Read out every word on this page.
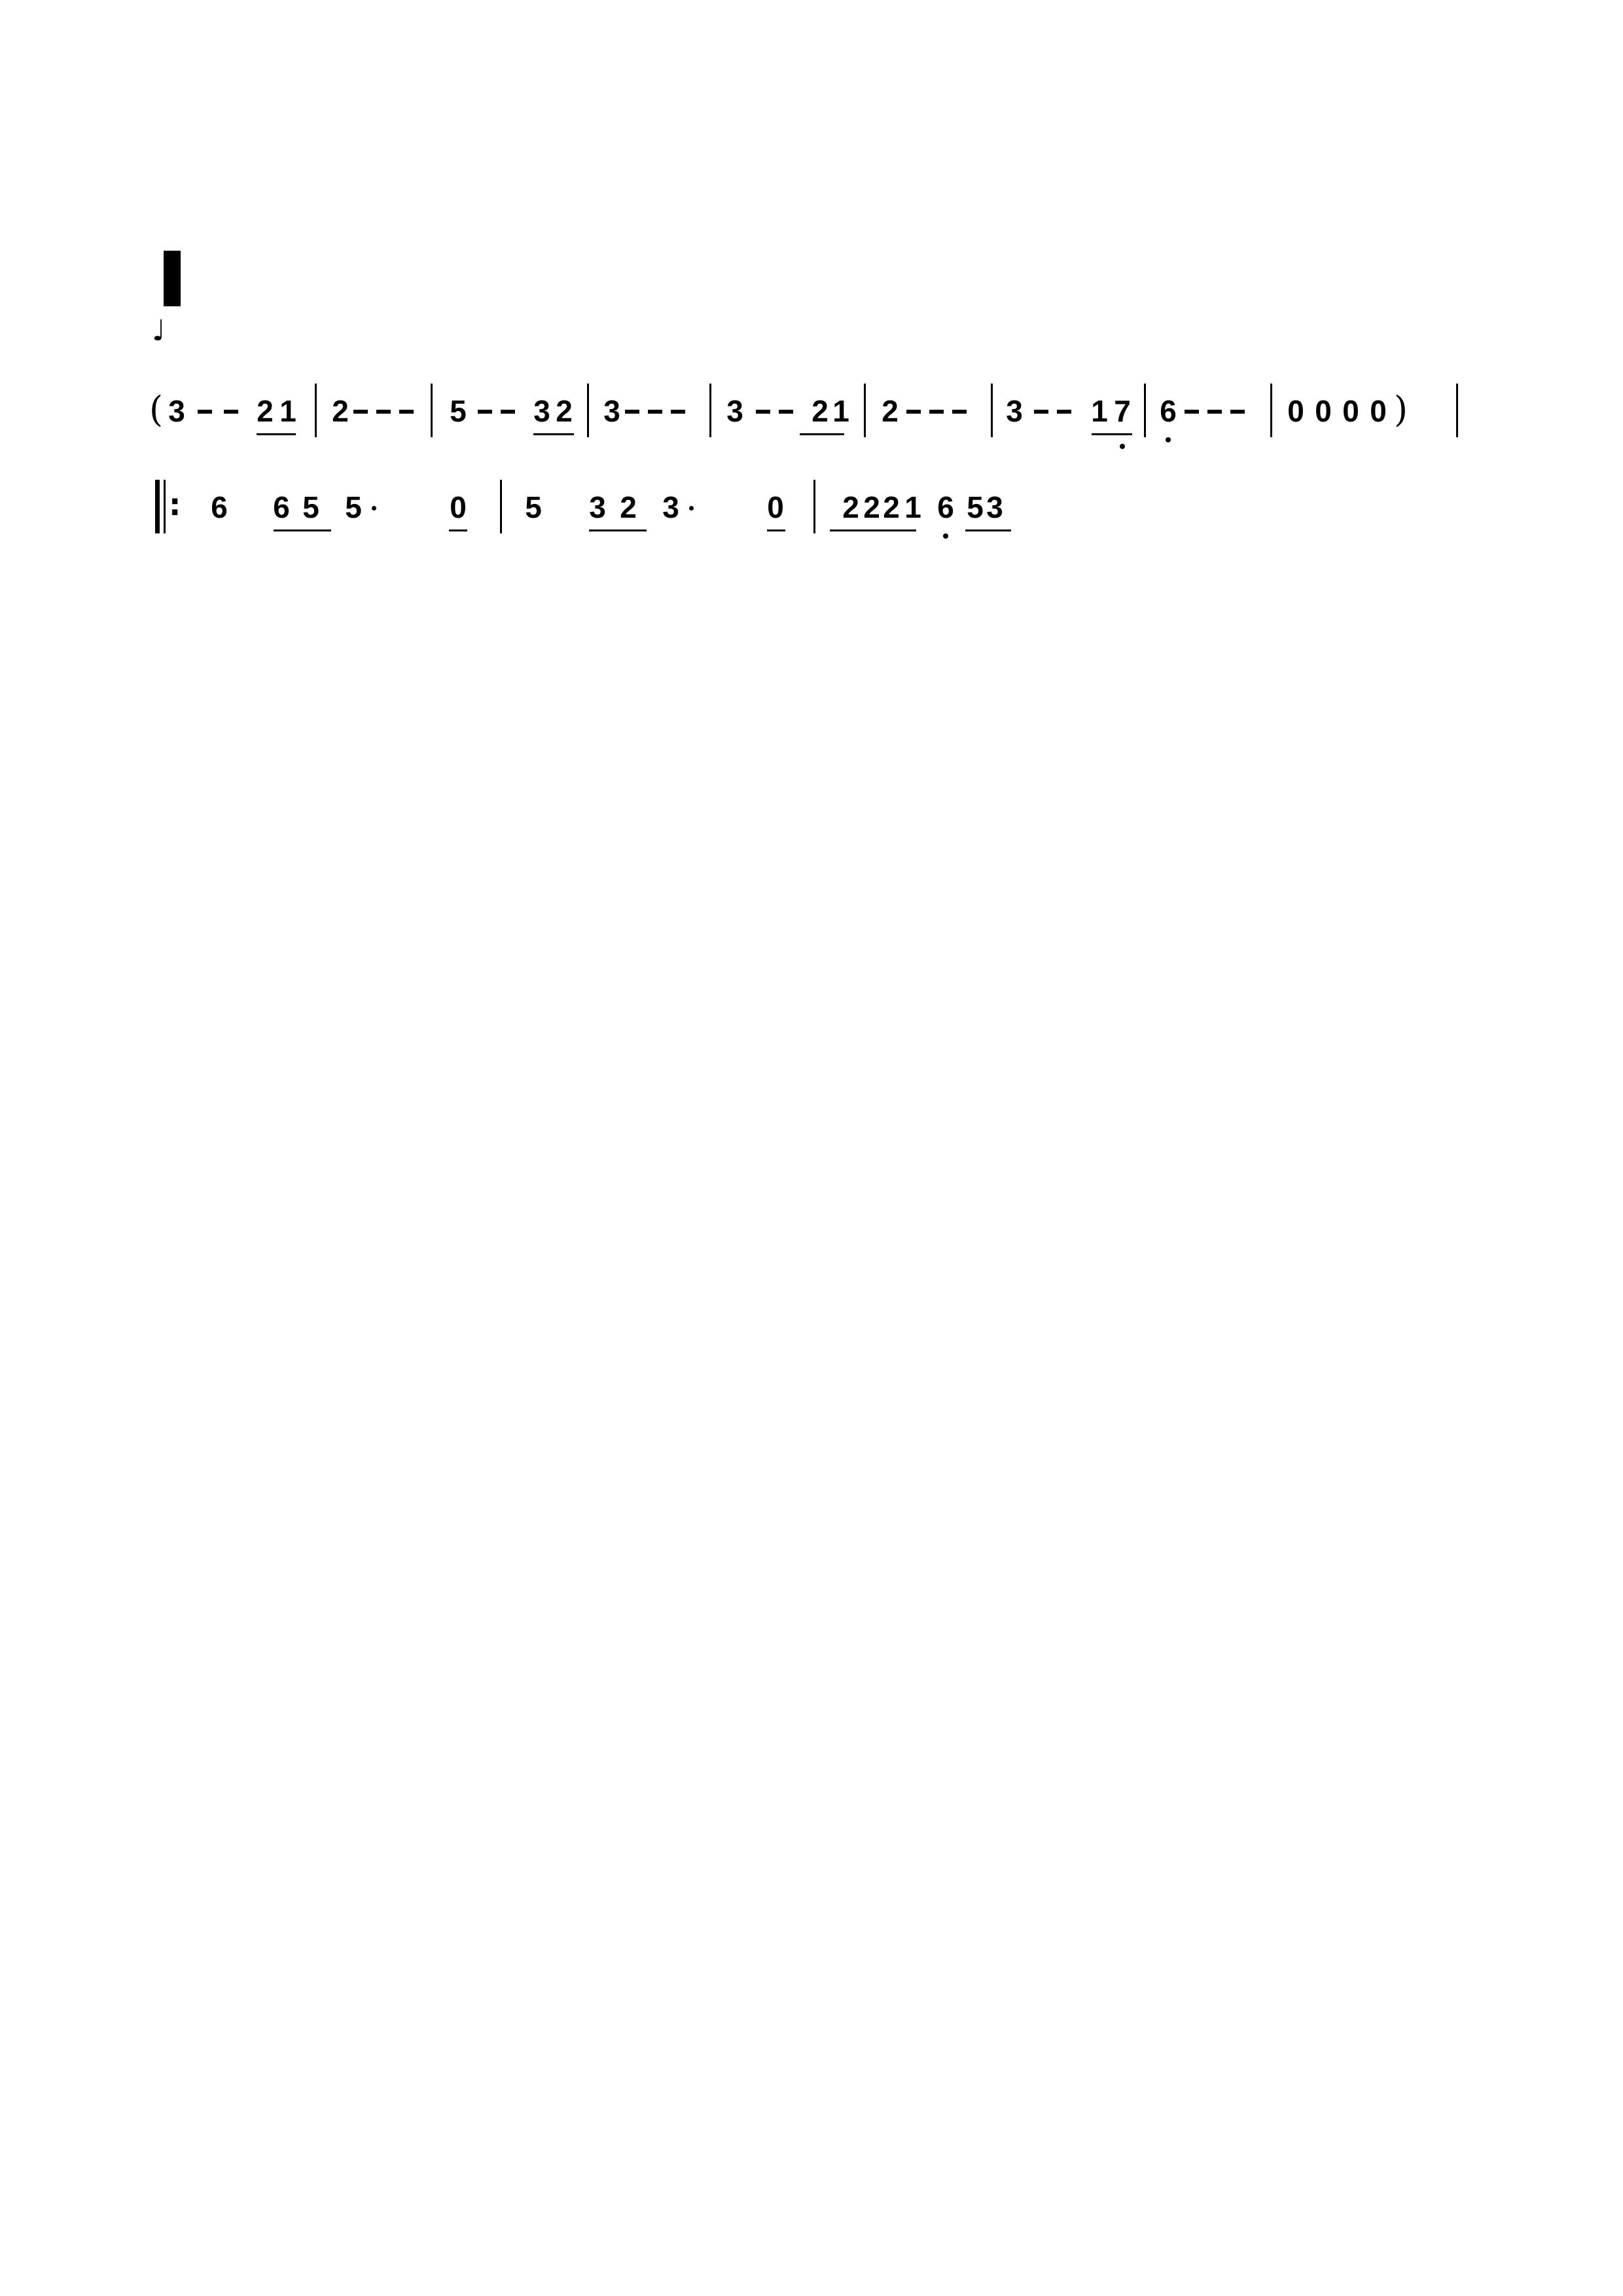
♩
( 3 2 1 2	5 3 2 3	3 2 1 2	3 1 7 6	0 0 0 0 )
: 6 6 5 5	0 5 3 2 3	0 2 2 2 1 6 5 3
